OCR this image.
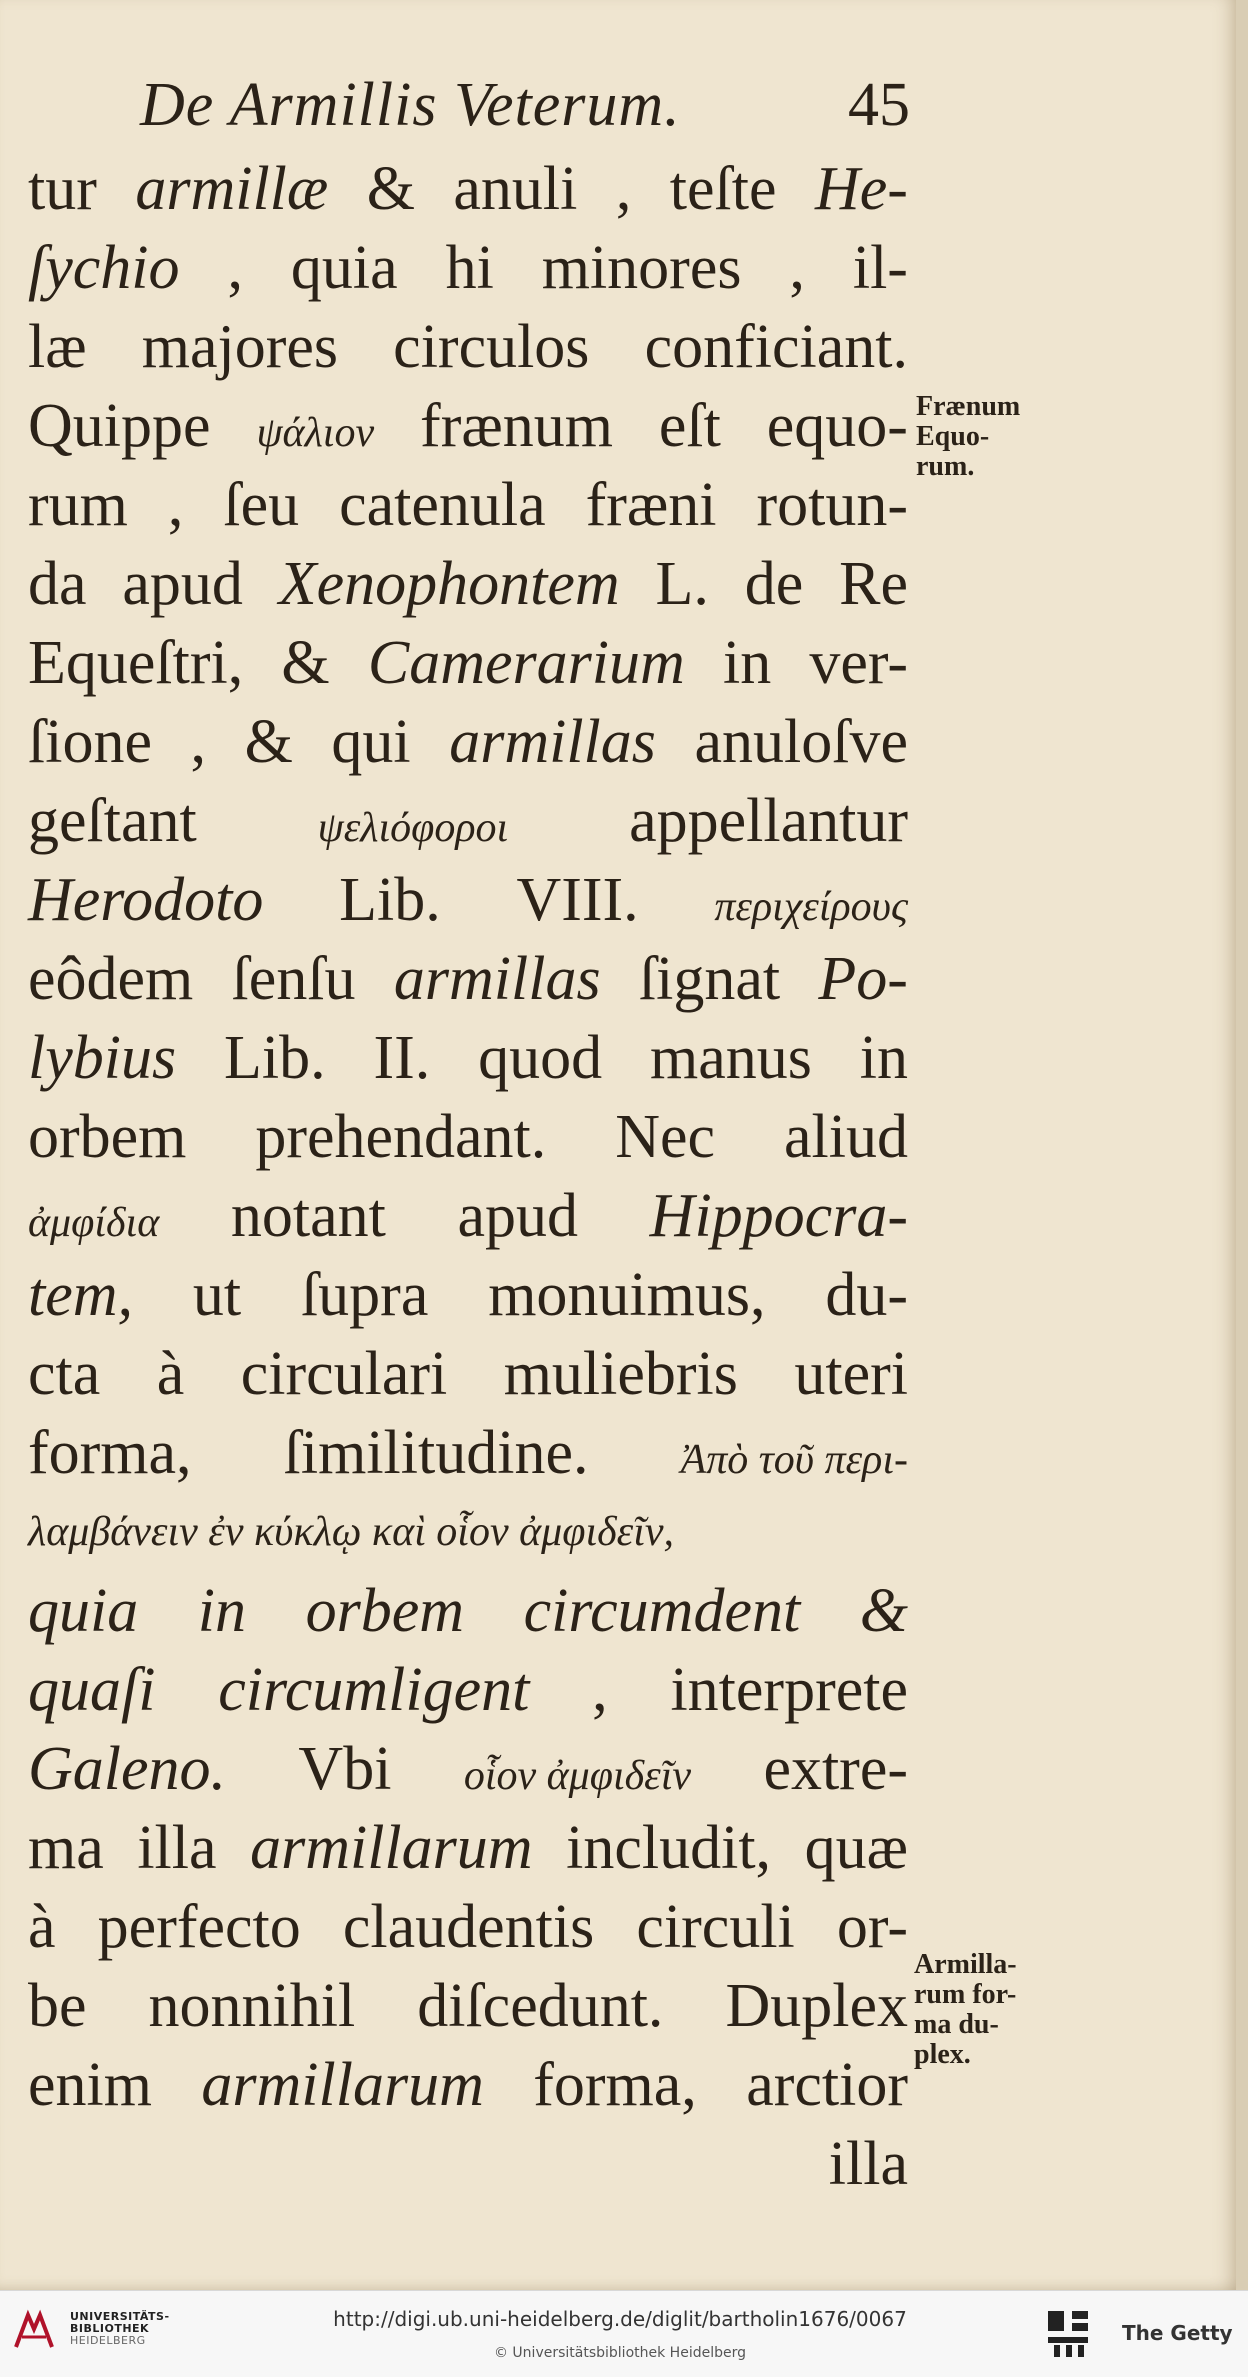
De Armillis Veterum.	45
tur armillæ & anuli , teſte He-
ſychio , quia hi minores , il-
læ majores circulos conficiant.
Quippe ψάλιον frænum eſt equo-
rum , ſeu catenula fræni rotun-
da apud Xenophontem L. de Re
Equeſtri, & Camerarium in ver-
ſione , & qui armillas anuloſve
geſtant	ψελιόφοροι appellantur
Herodoto Lib. VIII. περιχείρους
eôdem ſenſu armillas ſignat Po-
lybius Lib. II. quod manus in
orbem prehendant. Nec aliud
ἀμφίδια notant apud Hippocra-
tem, ut ſupra monuimus, du-
cta à circulari muliebris uteri
forma, ſimilitudine. Ἀπὸ τοῦ περι-
λαμβάνειν ἐν κύκλῳ καὶ οἷον ἀμφιδεῖν,
quia in orbem circumdent &
quaſi circumligent , interprete
Galeno. Vbi οἷον ἀμφιδεῖν extre-
ma illa armillarum includit, quæ
à perfecto claudentis circuli or-
be nonnihil diſcedunt. Duplex
enim armillarum forma, arctior
illa
Frænum
Equo-
rum.
Armilla-
rum for-
ma du-
plex.
UNIVERSITÄTS-
BIBLIOTHEK
HEIDELBERG
http://digi.ub.uni-heidelberg.de/diglit/bartholin1676/0067
© Universitätsbibliothek Heidelberg
The Getty
